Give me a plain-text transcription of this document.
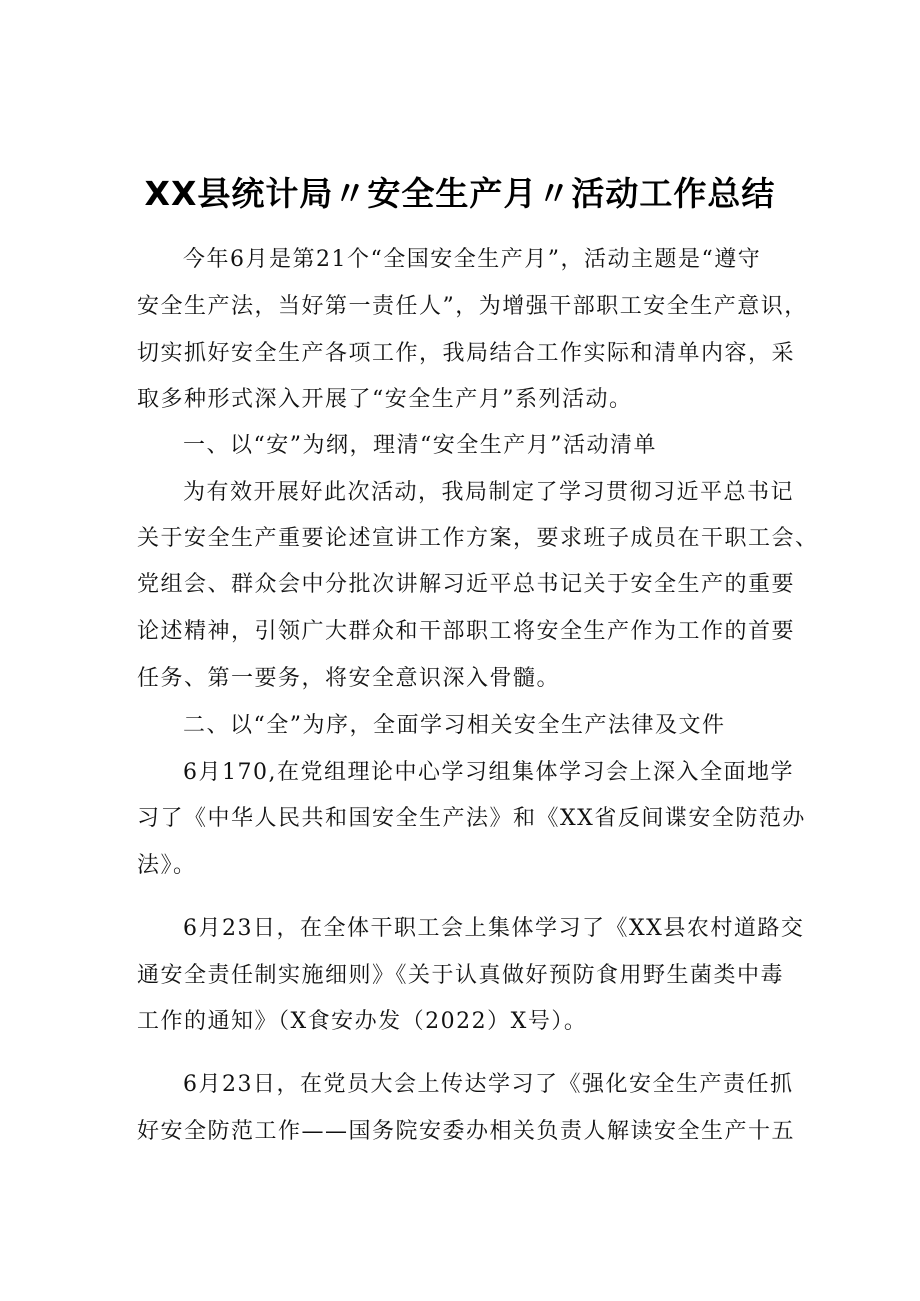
XX县统计局〃安全生产月〃活动工作总结
今年6月是第21个“全国安全生产月”，活动主题是“遵守
安全生产法，当好第一责任人”，为增强干部职工安全生产意识，
切实抓好安全生产各项工作，我局结合工作实际和清单内容，采
取多种形式深入开展了“安全生产月”系列活动。
一、以“安”为纲，理清“安全生产月”活动清单
为有效开展好此次活动，我局制定了学习贯彻习近平总书记
关于安全生产重要论述宣讲工作方案，要求班子成员在干职工会、
党组会、群众会中分批次讲解习近平总书记关于安全生产的重要
论述精神，引领广大群众和干部职工将安全生产作为工作的首要
任务、第一要务，将安全意识深入骨髓。
二、以“全”为序，全面学习相关安全生产法律及文件
6月170,在党组理论中心学习组集体学习会上深入全面地学
习了《中华人民共和国安全生产法》和《XX省反间谍安全防范办
法》。
6月23日，在全体干职工会上集体学习了《XX县农村道路交
通安全责任制实施细则》《关于认真做好预防食用野生菌类中毒
工作的通知》（X食安办发（2022）X号）。
6月23日，在党员大会上传达学习了《强化安全生产责任抓
好安全防范工作——国务院安委办相关负责人解读安全生产十五
